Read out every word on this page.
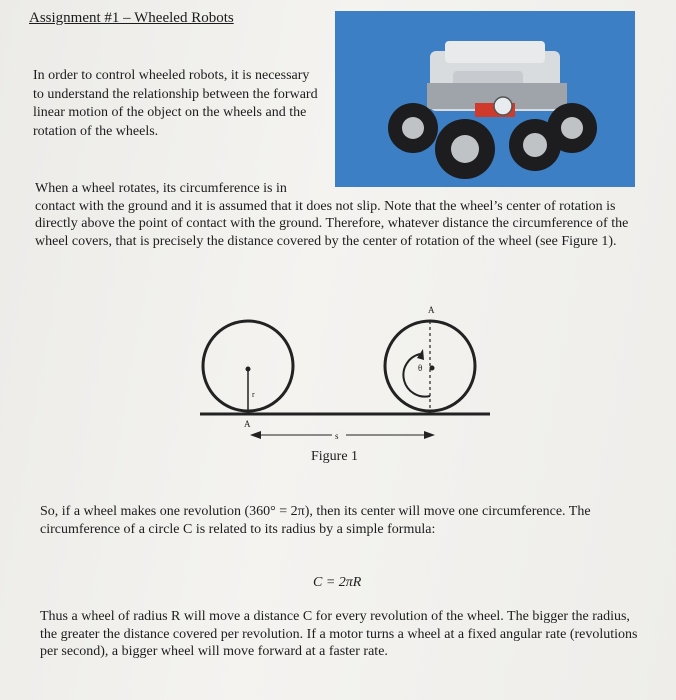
Assignment #1 – Wheeled Robots
In order to control wheeled robots, it is necessary to understand the relationship between the forward linear motion of the object on the wheels and the rotation of the wheels.
When a wheel rotates, its circumference is in
contact with the ground and it is assumed that it does not slip. Note that the wheel’s center of rotation is directly above the point of contact with the ground. Therefore, whatever distance the circumference of the wheel covers, that is precisely the distance covered by the center of rotation of the wheel (see Figure 1).
A
A
r
θ
s
Figure 1
So, if a wheel makes one revolution (360° = 2π), then its center will move one circumference. The circumference of a circle C is related to its radius by a simple formula:
C = 2πR
Thus a wheel of radius R will move a distance C for every revolution of the wheel. The bigger the radius, the greater the distance covered per revolution. If a motor turns a wheel at a fixed angular rate (revolutions per second), a bigger wheel will move forward at a faster rate.
